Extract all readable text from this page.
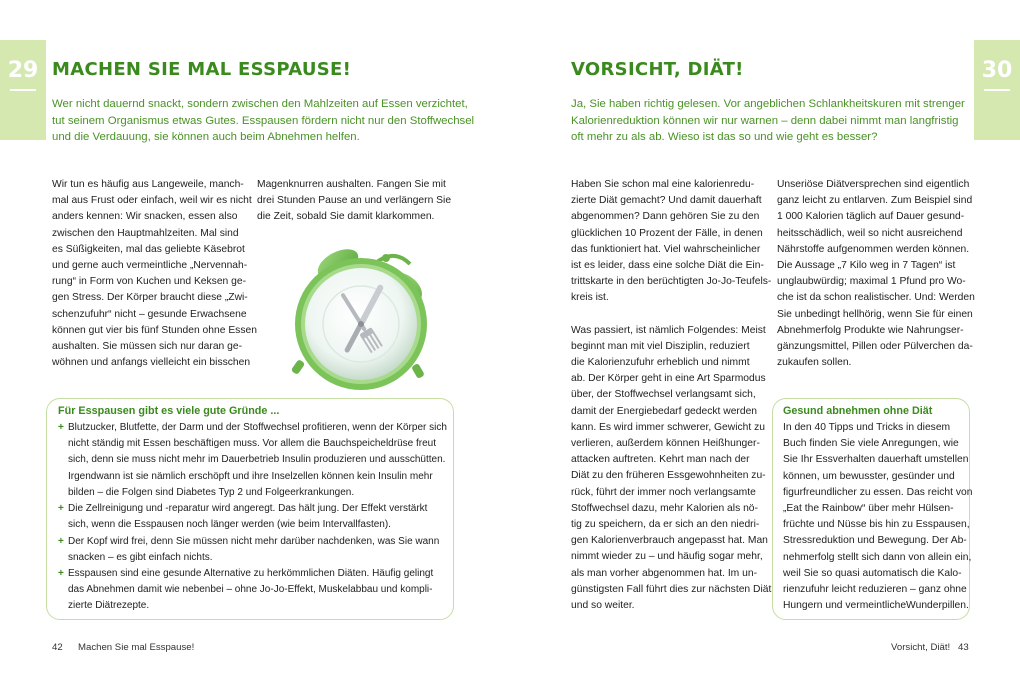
29 MACHEN SIE MAL ESSPAUSE!
Wer nicht dauernd snackt, sondern zwischen den Mahlzeiten auf Essen verzichtet,
tut seinem Organismus etwas Gutes. Esspausen fördern nicht nur den Stoffwechsel
und die Verdauung, sie können auch beim Abnehmen helfen.
Wir tun es häufig aus Langeweile, manch-
mal aus Frust oder einfach, weil wir es nicht
anders kennen: Wir snacken, essen also
zwischen den Hauptmahlzeiten. Mal sind
es Süßigkeiten, mal das geliebte Käsebrot
und gerne auch vermeintliche „Nervennah-
rung“ in Form von Kuchen und Keksen ge-
gen Stress. Der Körper braucht diese „Zwi-
schenzufuhr“ nicht – gesunde Erwachsene
können gut vier bis fünf Stunden ohne Essen
aushalten. Sie müssen sich nur daran ge-
wöhnen und anfangs vielleicht ein bisschen
Magenknurren aushalten. Fangen Sie mit
drei Stunden Pause an und verlängern Sie
die Zeit, sobald Sie damit klarkommen.
Für Esspausen gibt es viele gute Gründe ...
+ Blutzucker, Blutfette, der Darm und der Stoffwechsel profitieren, wenn der Körper sich
nicht ständig mit Essen beschäftigen muss. Vor allem die Bauchspeicheldrüse freut
sich, denn sie muss nicht mehr im Dauerbetrieb Insulin produzieren und ausschütten.
Irgendwann ist sie nämlich erschöpft und ihre Inselzellen können kein Insulin mehr
bilden – die Folgen sind Diabetes Typ 2 und Folgeerkrankungen.
+ Die Zellreinigung und -reparatur wird angeregt. Das hält jung. Der Effekt verstärkt
sich, wenn die Esspausen noch länger werden (wie beim Intervallfasten).
+ Der Kopf wird frei, denn Sie müssen nicht mehr darüber nachdenken, was Sie wann
snacken – es gibt einfach nichts.
+ Esspausen sind eine gesunde Alternative zu herkömmlichen Diäten. Häufig gelingt
das Abnehmen damit wie nebenbei – ohne Jo-Jo-Effekt, Muskelabbau und kompli-
zierte Diätrezepte.
42 Machen Sie mal Esspause!
30
VORSICHT, DIÄT!
Ja, Sie haben richtig gelesen. Vor angeblichen Schlankheitskuren mit strenger
Kalorienreduktion können wir nur warnen – denn dabei nimmt man langfristig
oft mehr zu als ab. Wieso ist das so und wie geht es besser?
Haben Sie schon mal eine kalorienredu-
zierte Diät gemacht? Und damit dauerhaft
abgenommen? Dann gehören Sie zu den
glücklichen 10 Prozent der Fälle, in denen
das funktioniert hat. Viel wahrscheinlicher
ist es leider, dass eine solche Diät die Ein-
trittskarte in den berüchtigten Jo-Jo-Teufels-
kreis ist.
Was passiert, ist nämlich Folgendes: Meist
beginnt man mit viel Disziplin, reduziert
die Kalorienzufuhr erheblich und nimmt
ab. Der Körper geht in eine Art Sparmodus
über, der Stoffwechsel verlangsamt sich,
damit der Energiebedarf gedeckt werden
kann. Es wird immer schwerer, Gewicht zu
verlieren, außerdem können Heißhunger-
attacken auftreten. Kehrt man nach der
Diät zu den früheren Essgewohnheiten zu-
rück, führt der immer noch verlangsamte
Stoffwechsel dazu, mehr Kalorien als nö-
tig zu speichern, da er sich an den niedri-
gen Kalorienverbrauch angepasst hat. Man
nimmt wieder zu – und häufig sogar mehr,
als man vorher abgenommen hat. Im un-
günstigsten Fall führt dies zur nächsten Diät
und so weiter.
Unseriöse Diätversprechen sind eigentlich
ganz leicht zu entlarven. Zum Beispiel sind
1 000 Kalorien täglich auf Dauer gesund-
heitsschädlich, weil so nicht ausreichend
Nährstoffe aufgenommen werden können.
Die Aussage „7 Kilo weg in 7 Tagen“ ist
unglaubwürdig; maximal 1 Pfund pro Wo-
che ist da schon realistischer. Und: Werden
Sie unbedingt hellhörig, wenn Sie für einen
Abnehmerfolg Produkte wie Nahrungser-
gänzungsmittel, Pillen oder Pülverchen da-
zukaufen sollen.
Gesund abnehmen ohne Diät
In den 40 Tipps und Tricks in diesem
Buch finden Sie viele Anregungen, wie
Sie Ihr Essverhalten dauerhaft umstellen
können, um bewusster, gesünder und
figurfreundlicher zu essen. Das reicht von
„Eat the Rainbow“ über mehr Hülsen-
früchte und Nüsse bis hin zu Esspausen,
Stressreduktion und Bewegung. Der Ab-
nehmerfolg stellt sich dann von allein ein,
weil Sie so quasi automatisch die Kalo-
rienzufuhr leicht reduzieren – ganz ohne
Hungern und vermeintlicheWunderpillen.
Vorsicht, Diät! 43
